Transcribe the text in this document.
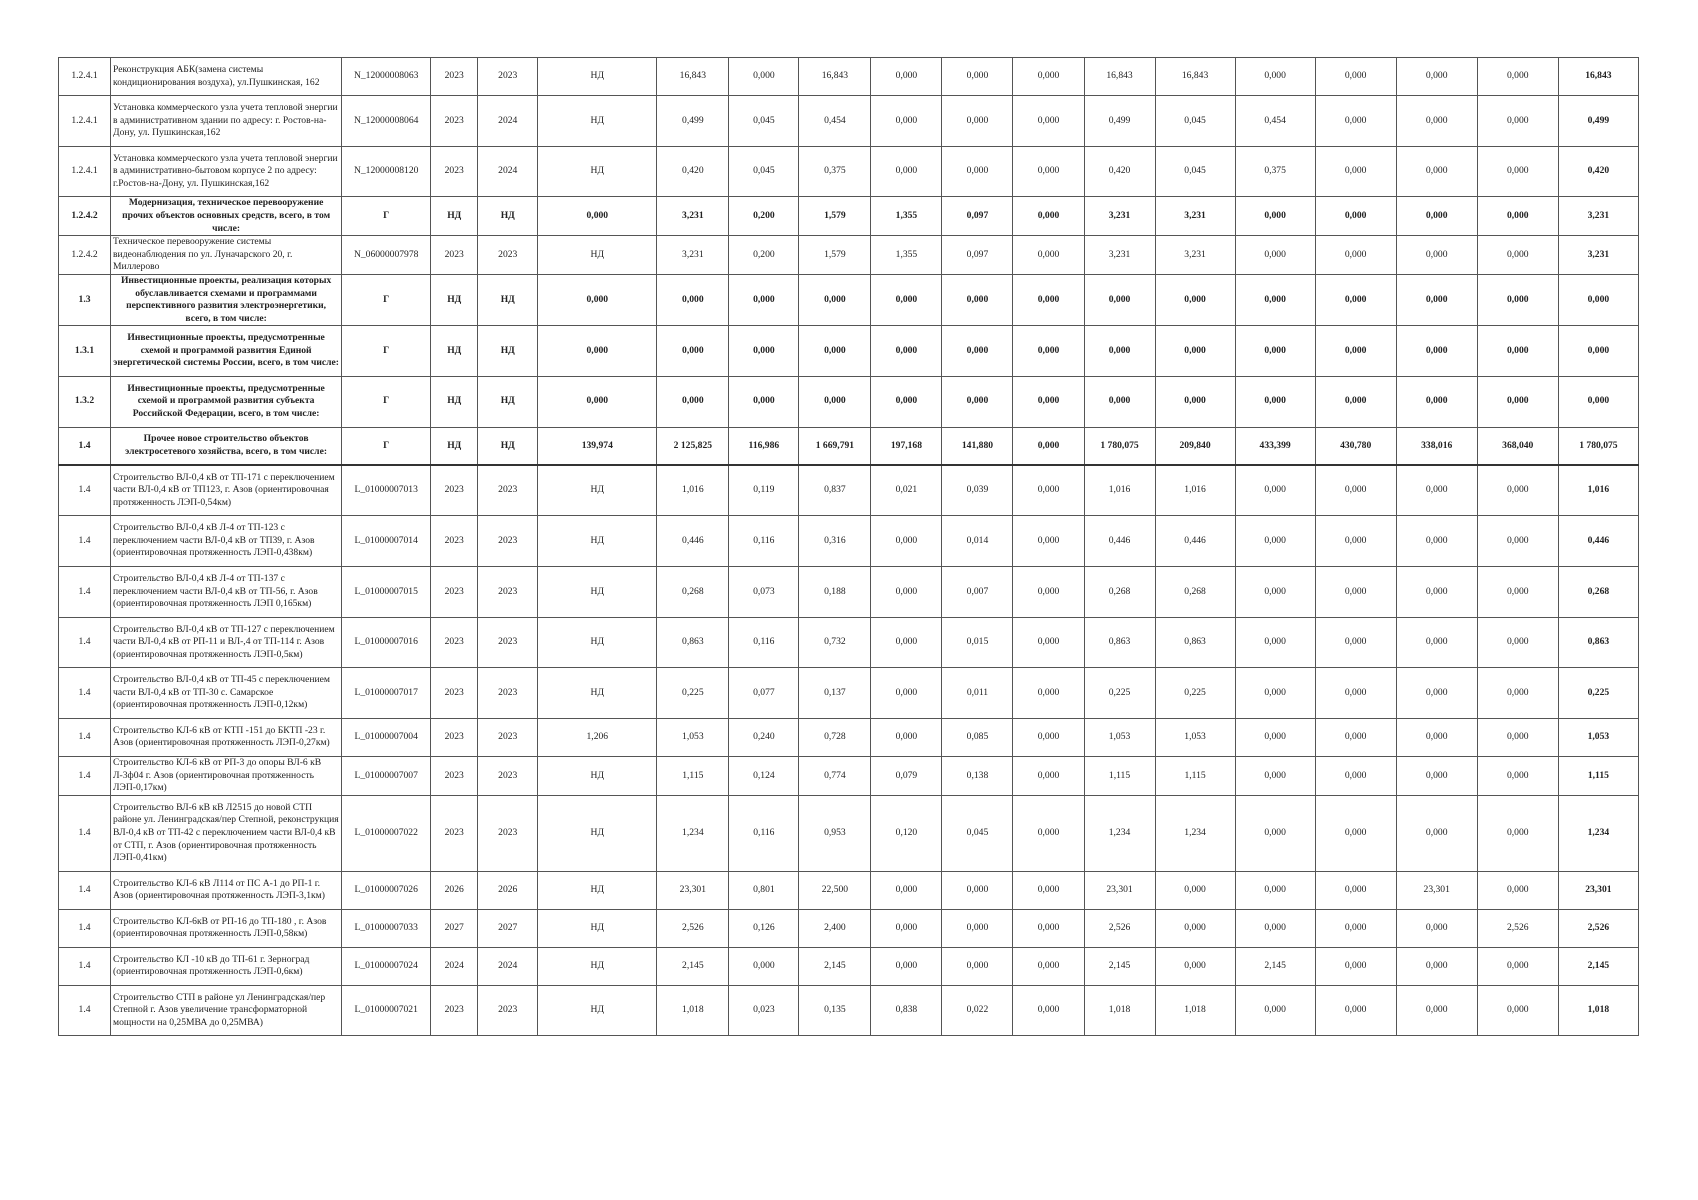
1.2.4.1	Реконструкция АБК(замена системы кондиционирования воздуха), ул.Пушкинская, 162	N_12000008063	2023	2023	НД	16,843	0,000	16,843	0,000	0,000	0,000	16,843	16,843	0,000	0,000	0,000	0,000	16,843
1.2.4.1	Установка коммерческого узла учета тепловой энергии в административном здании по адресу: г. Ростов-на-Дону, ул. Пушкинская,162	N_12000008064	2023	2024	НД	0,499	0,045	0,454	0,000	0,000	0,000	0,499	0,045	0,454	0,000	0,000	0,000	0,499
1.2.4.1	Установка коммерческого узла учета тепловой энергии в административно-бытовом корпусе 2 по адресу: г.Ростов-на-Дону, ул. Пушкинская,162	N_12000008120	2023	2024	НД	0,420	0,045	0,375	0,000	0,000	0,000	0,420	0,045	0,375	0,000	0,000	0,000	0,420
1.2.4.2	Модернизация, техническое перевооружение прочих объектов основных средств, всего, в том числе:	Г	НД	НД	0,000	3,231	0,200	1,579	1,355	0,097	0,000	3,231	3,231	0,000	0,000	0,000	0,000	3,231
1.2.4.2	Техническое перевооружение системы видеонаблюдения по ул. Луначарского 20, г. Миллерово	N_06000007978	2023	2023	НД	3,231	0,200	1,579	1,355	0,097	0,000	3,231	3,231	0,000	0,000	0,000	0,000	3,231
1.3	Инвестиционные проекты, реализация которых обуславливается схемами и программами перспективного развития электроэнергетики, всего, в том числе:	Г	НД	НД	0,000	0,000	0,000	0,000	0,000	0,000	0,000	0,000	0,000	0,000	0,000	0,000	0,000	0,000
1.3.1	Инвестиционные проекты, предусмотренные схемой и программой развития Единой энергетической системы России, всего, в том числе:	Г	НД	НД	0,000	0,000	0,000	0,000	0,000	0,000	0,000	0,000	0,000	0,000	0,000	0,000	0,000	0,000
1.3.2	Инвестиционные проекты, предусмотренные схемой и программой развития субъекта Российской Федерации, всего, в том числе:	Г	НД	НД	0,000	0,000	0,000	0,000	0,000	0,000	0,000	0,000	0,000	0,000	0,000	0,000	0,000	0,000
1.4	Прочее новое строительство объектов электросетевого хозяйства, всего, в том числе:	Г	НД	НД	139,974	2 125,825	116,986	1 669,791	197,168	141,880	0,000	1 780,075	209,840	433,399	430,780	338,016	368,040	1 780,075
1.4	Строительство ВЛ-0,4 кВ от ТП-171 с переключением части ВЛ-0,4 кВ от ТП123, г. Азов (ориентировочная протяженность ЛЭП-0,54км)	L_01000007013	2023	2023	НД	1,016	0,119	0,837	0,021	0,039	0,000	1,016	1,016	0,000	0,000	0,000	0,000	1,016
1.4	Строительство ВЛ-0,4 кВ Л-4 от ТП-123 с переключением части ВЛ-0,4 кВ от ТП39, г. Азов (ориентировочная протяженность ЛЭП-0,438км)	L_01000007014	2023	2023	НД	0,446	0,116	0,316	0,000	0,014	0,000	0,446	0,446	0,000	0,000	0,000	0,000	0,446
1.4	Строительство ВЛ-0,4 кВ Л-4 от ТП-137 с переключением части ВЛ-0,4 кВ от ТП-56, г. Азов (ориентировочная протяженность ЛЭП 0,165км)	L_01000007015	2023	2023	НД	0,268	0,073	0,188	0,000	0,007	0,000	0,268	0,268	0,000	0,000	0,000	0,000	0,268
1.4	Строительство ВЛ-0,4 кВ от ТП-127 с переключением части ВЛ-0,4 кВ от РП-11 и ВЛ-,4 от ТП-114 г. Азов (ориентировочная протяженность ЛЭП-0,5км)	L_01000007016	2023	2023	НД	0,863	0,116	0,732	0,000	0,015	0,000	0,863	0,863	0,000	0,000	0,000	0,000	0,863
1.4	Строительство ВЛ-0,4 кВ от ТП-45 с переключением части ВЛ-0,4 кВ от ТП-30 с. Самарское (ориентировочная протяженность ЛЭП-0,12км)	L_01000007017	2023	2023	НД	0,225	0,077	0,137	0,000	0,011	0,000	0,225	0,225	0,000	0,000	0,000	0,000	0,225
1.4	Строительство КЛ-6 кВ от КТП -151 до БКТП -23 г. Азов (ориентировочная протяженность ЛЭП-0,27км)	L_01000007004	2023	2023	1,206	1,053	0,240	0,728	0,000	0,085	0,000	1,053	1,053	0,000	0,000	0,000	0,000	1,053
1.4	Строительство КЛ-6 кВ от РП-3 до опоры ВЛ-6 кВ Л-3ф04 г. Азов (ориентировочная протяженность ЛЭП-0,17км)	L_01000007007	2023	2023	НД	1,115	0,124	0,774	0,079	0,138	0,000	1,115	1,115	0,000	0,000	0,000	0,000	1,115
1.4	Строительство ВЛ-6 кВ кВ Л2515 до новой СТП районе ул. Ленинградская/пер Степной, реконструкция ВЛ-0,4 кВ от ТП-42 с переключением части ВЛ-0,4 кВ от СТП, г. Азов (ориентировочная протяженность ЛЭП-0,41км)	L_01000007022	2023	2023	НД	1,234	0,116	0,953	0,120	0,045	0,000	1,234	1,234	0,000	0,000	0,000	0,000	1,234
1.4	Строительство КЛ-6 кВ Л114 от ПС А-1 до РП-1 г. Азов (ориентировочная протяженность ЛЭП-3,1км)	L_01000007026	2026	2026	НД	23,301	0,801	22,500	0,000	0,000	0,000	23,301	0,000	0,000	0,000	23,301	0,000	23,301
1.4	Строительство КЛ-6кВ от РП-16 до ТП-180 , г. Азов (ориентировочная протяженность ЛЭП-0,58км)	L_01000007033	2027	2027	НД	2,526	0,126	2,400	0,000	0,000	0,000	2,526	0,000	0,000	0,000	0,000	2,526	2,526
1.4	Строительство КЛ -10 кВ до ТП-61 г. Зерноград (ориентировочная протяженность ЛЭП-0,6км)	L_01000007024	2024	2024	НД	2,145	0,000	2,145	0,000	0,000	0,000	2,145	0,000	2,145	0,000	0,000	0,000	2,145
1.4	Строительство СТП в районе ул Ленинградская/пер Степной г. Азов увеличение трансформаторной мощности на 0,25МВА до 0,25МВА)	L_01000007021	2023	2023	НД	1,018	0,023	0,135	0,838	0,022	0,000	1,018	1,018	0,000	0,000	0,000	0,000	1,018
